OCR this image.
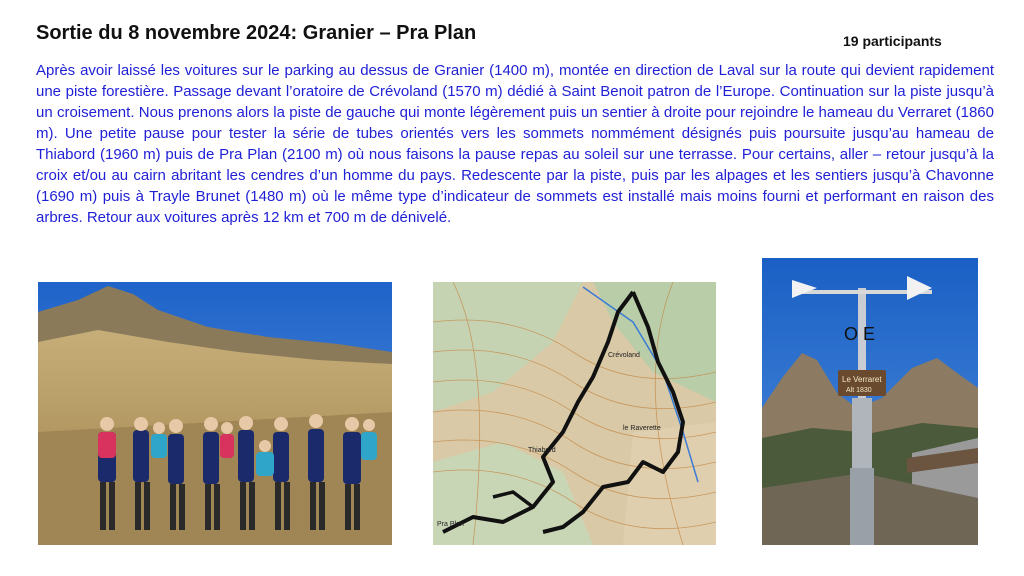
Sortie du 8 novembre 2024: Granier – Pra Plan	19 participants
Après avoir laissé les voitures sur le parking au dessus de Granier (1400 m), montée en direction de Laval sur la route qui devient rapidement une piste forestière. Passage devant l’oratoire de Crévoland (1570 m) dédié à Saint Benoit patron de l’Europe. Continuation sur la piste jusqu’à un croisement. Nous prenons alors la piste de gauche qui monte légèrement puis un sentier à droite pour rejoindre le hameau du Verraret (1860 m). Une petite pause pour tester la série de tubes orientés vers les sommets nommément désignés puis poursuite jusqu’au hameau de Thiabord (1960 m) puis de Pra Plan (2100 m) où nous faisons la pause repas au soleil sur une terrasse. Pour certains, aller – retour jusqu’à la croix et/ou au cairn abritant les cendres d’un homme du pays. Redescente par la piste, puis par les alpages et les sentiers jusqu’à Chavonne (1690 m) puis à Trayle Brunet (1480 m) où le même type d’indicateur de sommets est installé mais moins fourni et performant en raison des arbres. Retour aux voitures après 12 km et 700 m de dénivelé.
Crévoland
Thiabord
Pra Plan
le Raverette
O E
Le Verraret
Alt 1830
